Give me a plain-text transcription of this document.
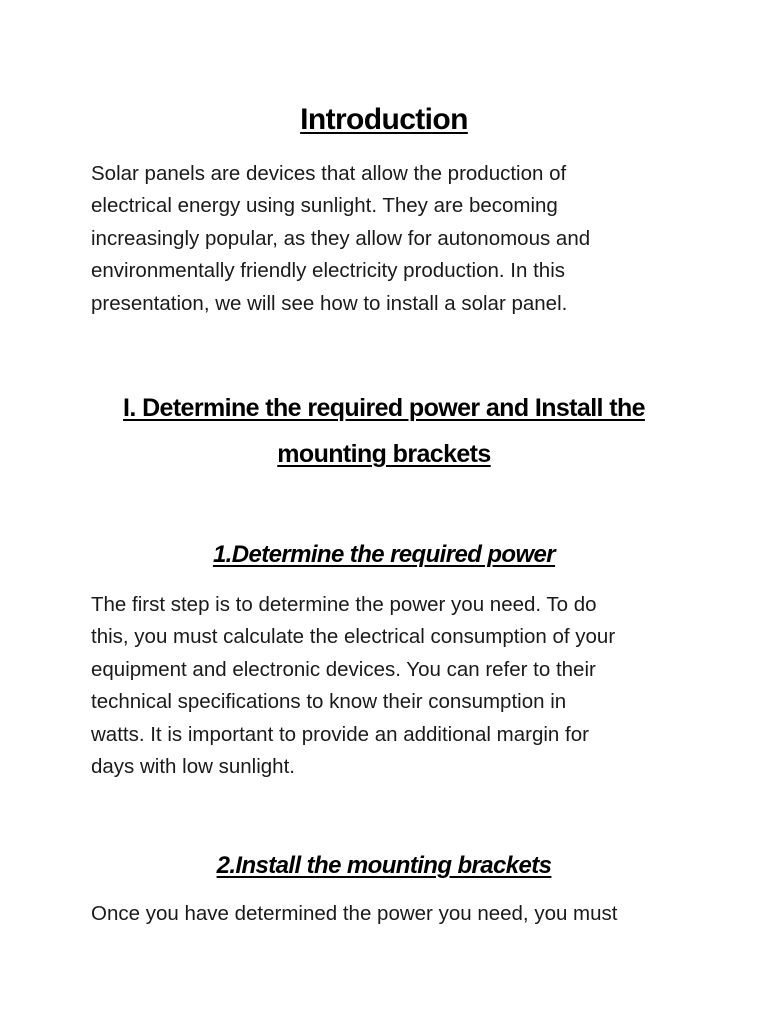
Introduction

Solar panels are devices that allow the production of
electrical energy using sunlight. They are becoming
increasingly popular, as they allow for autonomous and
environmentally friendly electricity production. In this
presentation, we will see how to install a solar panel.

I. Determine the required power and Install the
mounting brackets
1.Determine the required power

The first step is to determine the power you need. To do
this, you must calculate the electrical consumption of your
equipment and electronic devices. You can refer to their
technical specifications to know their consumption in
watts. It is important to provide an additional margin for
days with low sunlight.

2.Install the mounting brackets

Once you have determined the power you need, you must
